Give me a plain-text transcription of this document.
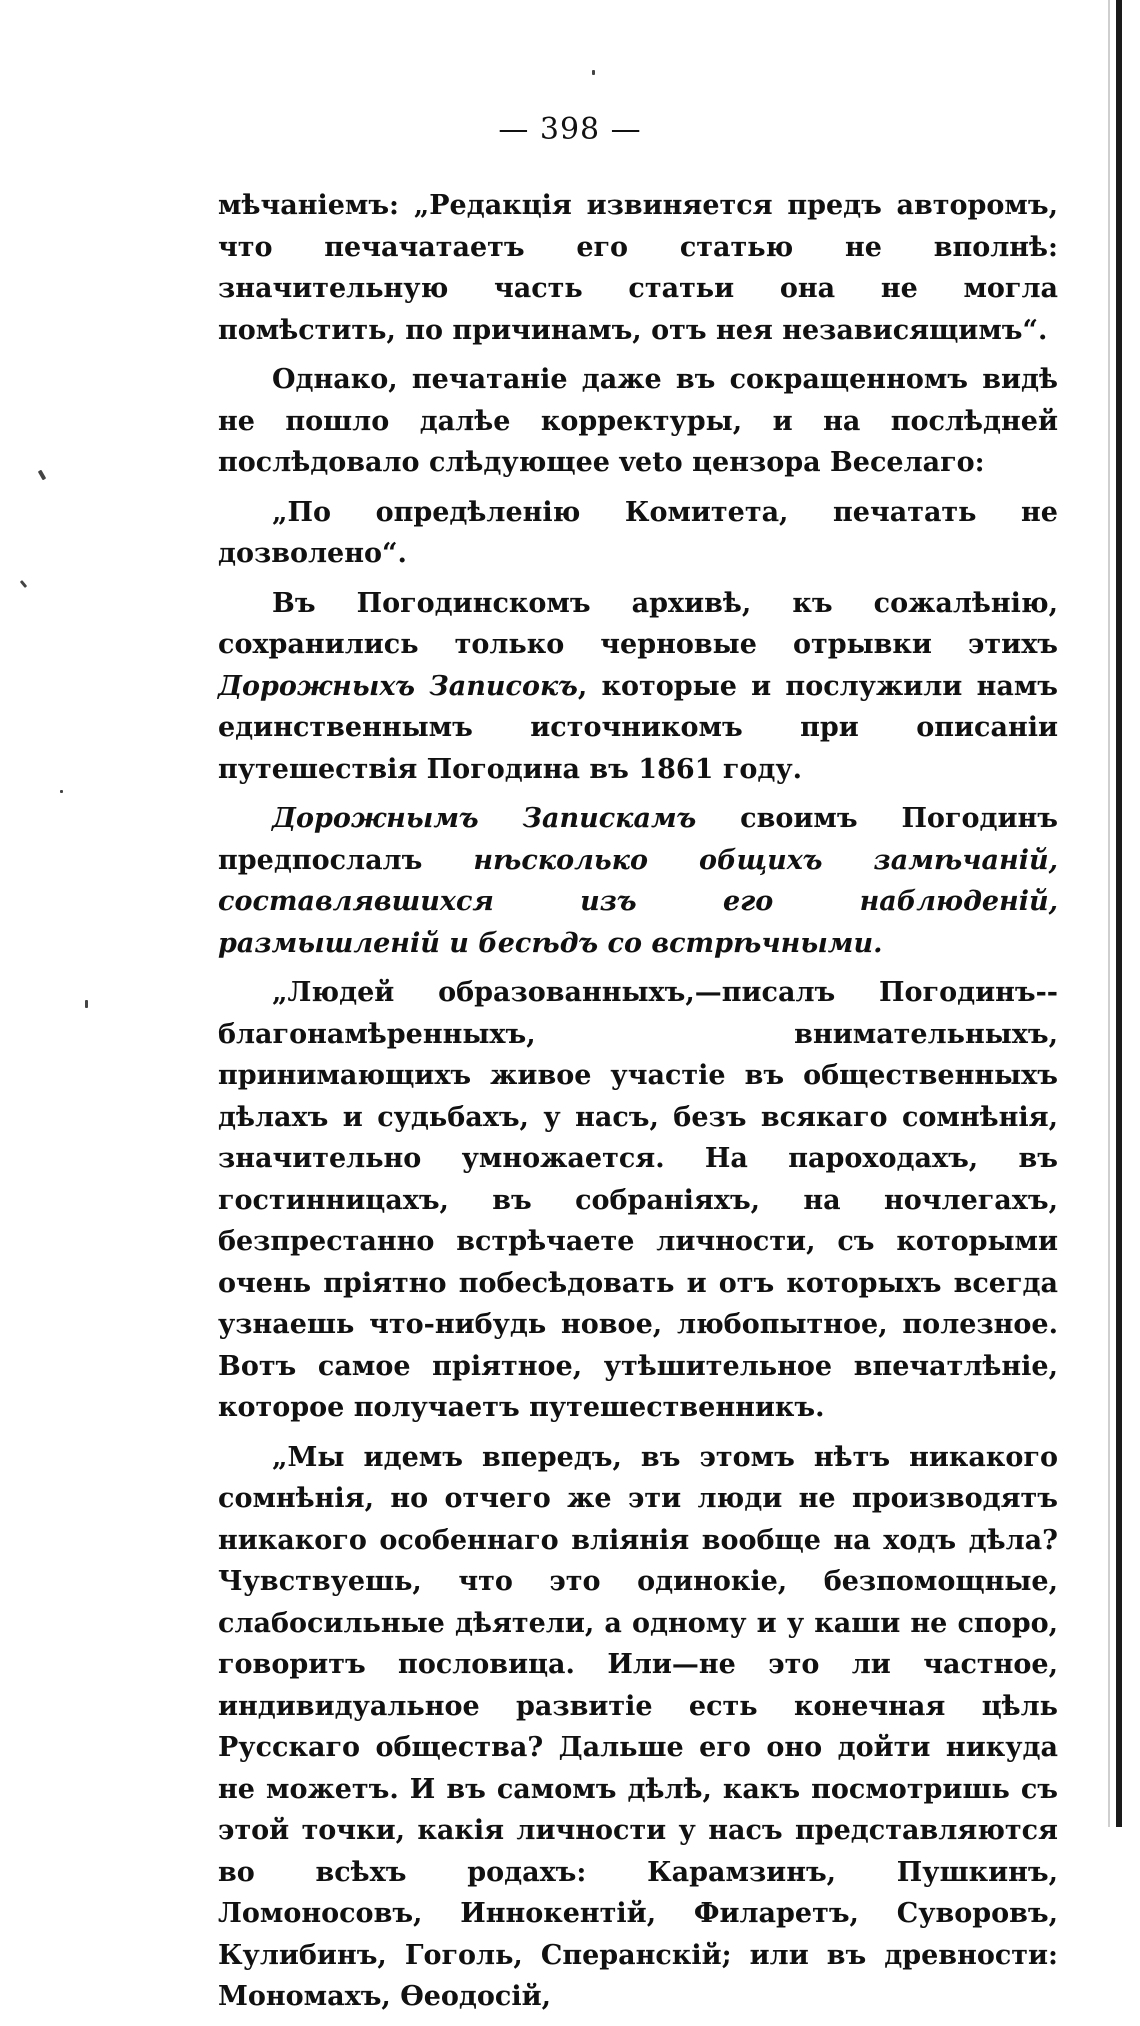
— 398 —

мѣчаніемъ: „Редакція извиняется предъ авторомъ, что печачатаетъ его статью не вполнѣ: значительную часть статьи она не могла помѣстить, по причинамъ, отъ нея независящимъ“.

Однако, печатаніе даже въ сокращенномъ видѣ не пошло далѣе корректуры, и на послѣдней послѣдовало слѣдующее veto цензора Веселаго:

„По опредѣленію Комитета, печатать не дозволено“.

Въ Погодинскомъ архивѣ, къ сожалѣнію, сохранились только черновые отрывки этихъ Дорожныхъ Записокъ, которые и послужили намъ единственнымъ источникомъ при описаніи путешествія Погодина въ 1861 году.

Дорожнымъ Запискамъ своимъ Погодинъ предпослалъ нѣсколько общихъ замѣчаній, составлявшихся изъ его наблюденій, размышленій и бесѣдъ со встрѣчными.

„Людей образованныхъ,—писалъ Погодинъ--благонамѣренныхъ, внимательныхъ, принимающихъ живое участіе въ общественныхъ дѣлахъ и судьбахъ, у насъ, безъ всякаго сомнѣнія, значительно умножается. На пароходахъ, въ гостинницахъ, въ собраніяхъ, на ночлегахъ, безпрестанно встрѣчаете личности, съ которыми очень пріятно побесѣдовать и отъ которыхъ всегда узнаешь что-нибудь новое, любопытное, полезное. Вотъ самое пріятное, утѣшительное впечатлѣніе, которое получаетъ путешественникъ.

„Мы идемъ впередъ, въ этомъ нѣтъ никакого сомнѣнія, но отчего же эти люди не производятъ никакого особеннаго вліянія вообще на ходъ дѣла? Чувствуешь, что это одинокіе, безпомощные, слабосильные дѣятели, а одному и у каши не споро, говоритъ пословица. Или—не это ли частное, индивидуальное развитіе есть конечная цѣль Русскаго общества? Дальше его оно дойти никуда не можетъ. И въ самомъ дѣлѣ, какъ посмотришь съ этой точки, какія личности у насъ представляются во всѣхъ родахъ: Карамзинъ, Пушкинъ, Ломоносовъ, Иннокентій, Филаретъ, Суворовъ, Кулибинъ, Гоголь, Сперанскій; или въ древности: Мономахъ, Ѳеодосій,
